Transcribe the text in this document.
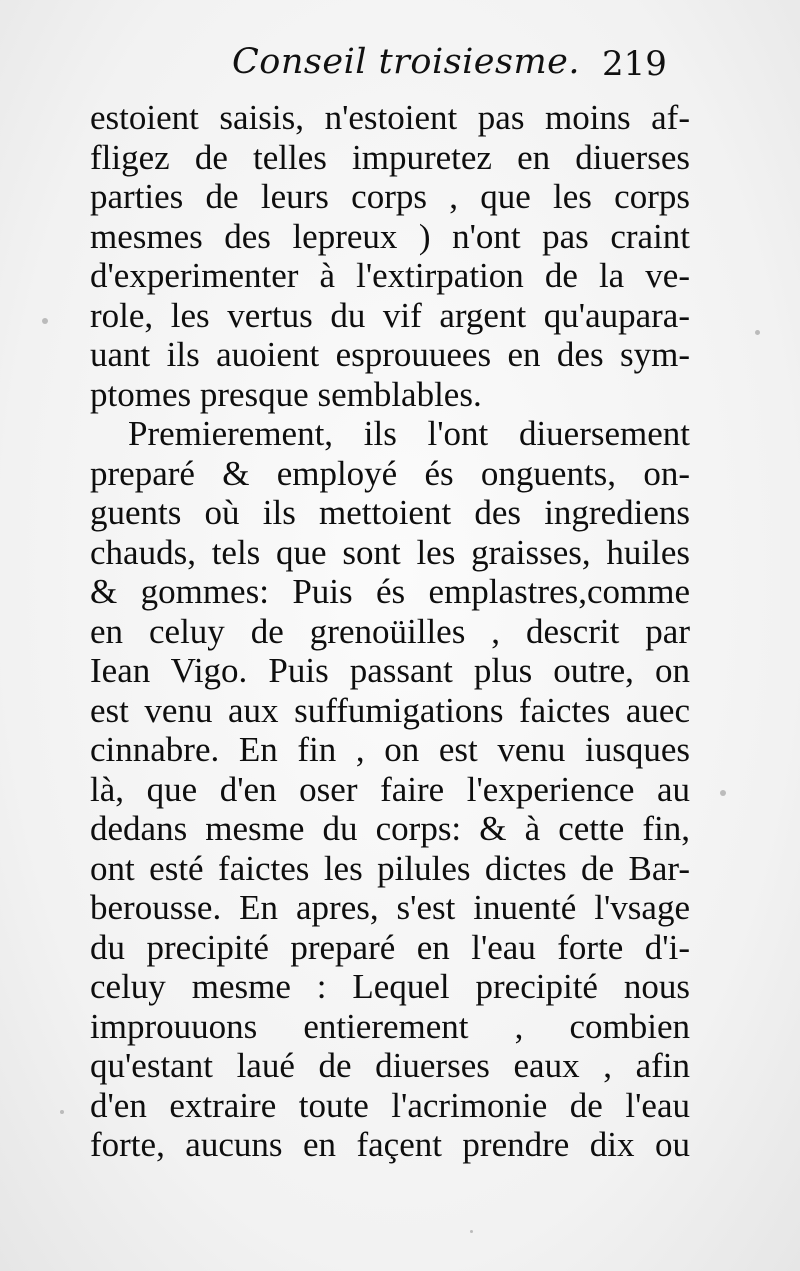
Conseil troisiesme. 219
estoient saisis, n'estoient pas moins af-
fligez de telles impuretez en diuerses
parties de leurs corps , que les corps
mesmes des lepreux ) n'ont pas craint
d'experimenter à l'extirpation de la ve-
role, les vertus du vif argent qu'aupara-
uant ils auoient esprouuees en des sym-
ptomes presque semblables.
Premierement, ils l'ont diuersement
preparé & employé és onguents, on-
guents où ils mettoient des ingrediens
chauds, tels que sont les graisses, huiles
& gommes: Puis és emplastres,comme
en celuy de grenoüilles , descrit par
Iean Vigo. Puis passant plus outre, on
est venu aux suffumigations faictes auec
cinnabre. En fin , on est venu iusques
là, que d'en oser faire l'experience au
dedans mesme du corps: & à cette fin,
ont esté faictes les pilules dictes de Bar-
berousse. En apres, s'est inuenté l'vsage
du precipité preparé en l'eau forte d'i-
celuy mesme : Lequel precipité nous
improuuons entierement , combien
qu'estant laué de diuerses eaux , afin
d'en extraire toute l'acrimonie de l'eau
forte, aucuns en façent prendre dix ou
